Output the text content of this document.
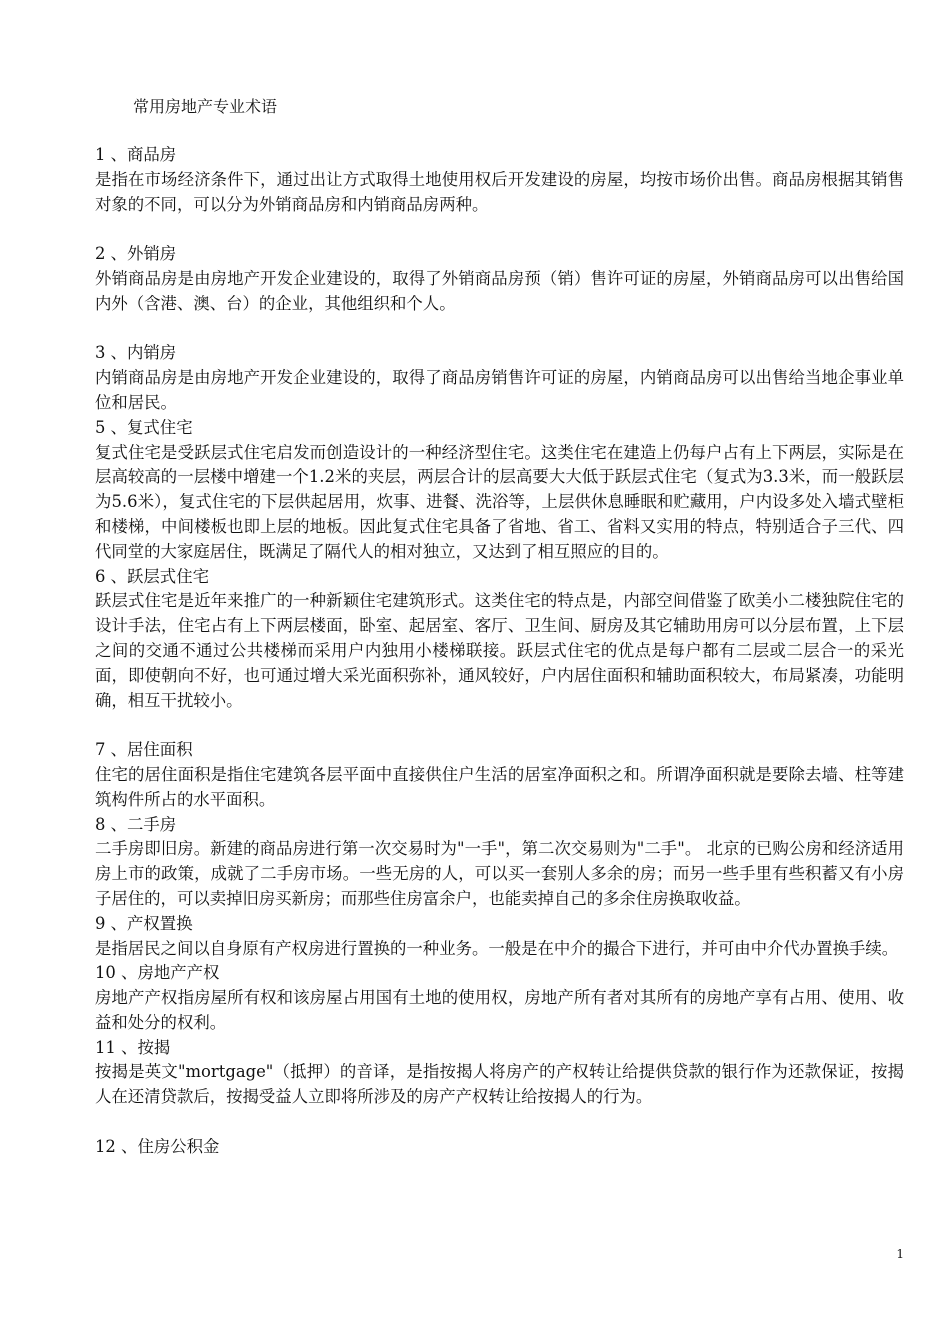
常用房地产专业术语
1 、商品房
是指在市场经济条件下，通过出让方式取得土地使用权后开发建设的房屋，均按市场价出售。商品房根据其销售对象的不同，可以分为外销商品房和内销商品房两种。
2 、外销房
外销商品房是由房地产开发企业建设的，取得了外销商品房预（销）售许可证的房屋，外销商品房可以出售给国内外（含港、澳、台）的企业，其他组织和个人。
3 、内销房
内销商品房是由房地产开发企业建设的，取得了商品房销售许可证的房屋，内销商品房可以出售给当地企事业单位和居民。
5 、复式住宅
复式住宅是受跃层式住宅启发而创造设计的一种经济型住宅。这类住宅在建造上仍每户占有上下两层，实际是在层高较高的一层楼中增建一个1.2米的夹层，两层合计的层高要大大低于跃层式住宅（复式为3.3米，而一般跃层为5.6米），复式住宅的下层供起居用，炊事、进餐、洗浴等，上层供休息睡眠和贮藏用，户内设多处入墙式壁柜和楼梯，中间楼板也即上层的地板。因此复式住宅具备了省地、省工、省料又实用的特点，特别适合子三代、四代同堂的大家庭居住，既满足了隔代人的相对独立，又达到了相互照应的目的。
6 、跃层式住宅
跃层式住宅是近年来推广的一种新颖住宅建筑形式。这类住宅的特点是，内部空间借鉴了欧美小二楼独院住宅的设计手法，住宅占有上下两层楼面，卧室、起居室、客厅、卫生间、厨房及其它辅助用房可以分层布置，上下层之间的交通不通过公共楼梯而采用户内独用小楼梯联接。跃层式住宅的优点是每户都有二层或二层合一的采光面，即使朝向不好，也可通过增大采光面积弥补，通风较好，户内居住面积和辅助面积较大，布局紧凑，功能明确，相互干扰较小。
7 、居住面积
住宅的居住面积是指住宅建筑各层平面中直接供住户生活的居室净面积之和。所谓净面积就是要除去墙、柱等建筑构件所占的水平面积。
8 、二手房
二手房即旧房。新建的商品房进行第一次交易时为"一手"，第二次交易则为"二手"。 北京的已购公房和经济适用房上市的政策，成就了二手房市场。一些无房的人，可以买一套别人多余的房；而另一些手里有些积蓄又有小房子居住的，可以卖掉旧房买新房；而那些住房富余户，也能卖掉自己的多余住房换取收益。
9 、产权置换
是指居民之间以自身原有产权房进行置换的一种业务。一般是在中介的撮合下进行，并可由中介代办置换手续。
10 、房地产产权
房地产产权指房屋所有权和该房屋占用国有土地的使用权，房地产所有者对其所有的房地产享有占用、使用、收益和处分的权利。
11 、按揭
按揭是英文"mortgage"（抵押）的音译，是指按揭人将房产的产权转让给提供贷款的银行作为还款保证，按揭人在还清贷款后，按揭受益人立即将所涉及的房产产权转让给按揭人的行为。
12 、住房公积金
1
